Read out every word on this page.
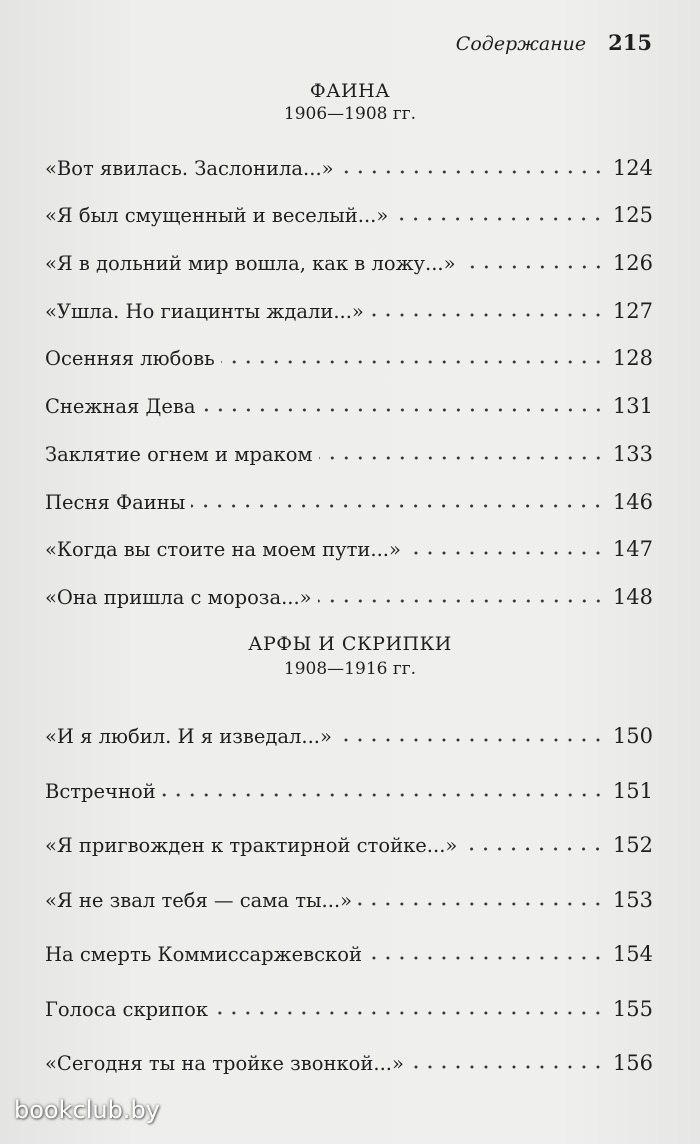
Содержание 215
ФАИНА
1906—1908 гг.
«Вот явилась. Заслонила...»	124
«Я был смущенный и веселый...»	125
«Я в дольний мир вошла, как в ложу...»	126
«Ушла. Но гиацинты ждали...»	127
Осенняя любовь	128
Снежная Дева	131
Заклятие огнем и мраком	133
Песня Фаины	146
«Когда вы стоите на моем пути...»	147
«Она пришла с мороза...»	148
АРФЫ И СКРИПКИ
1908—1916 гг.
«И я любил. И я изведал...»	150
Встречной	151
«Я пригвожден к трактирной стойке...»	152
«Я не звал тебя — сама ты...»	153
На смерть Коммиссаржевской	154
Голоса скрипок	155
«Сегодня ты на тройке звонкой...»	156
bookclub.by
